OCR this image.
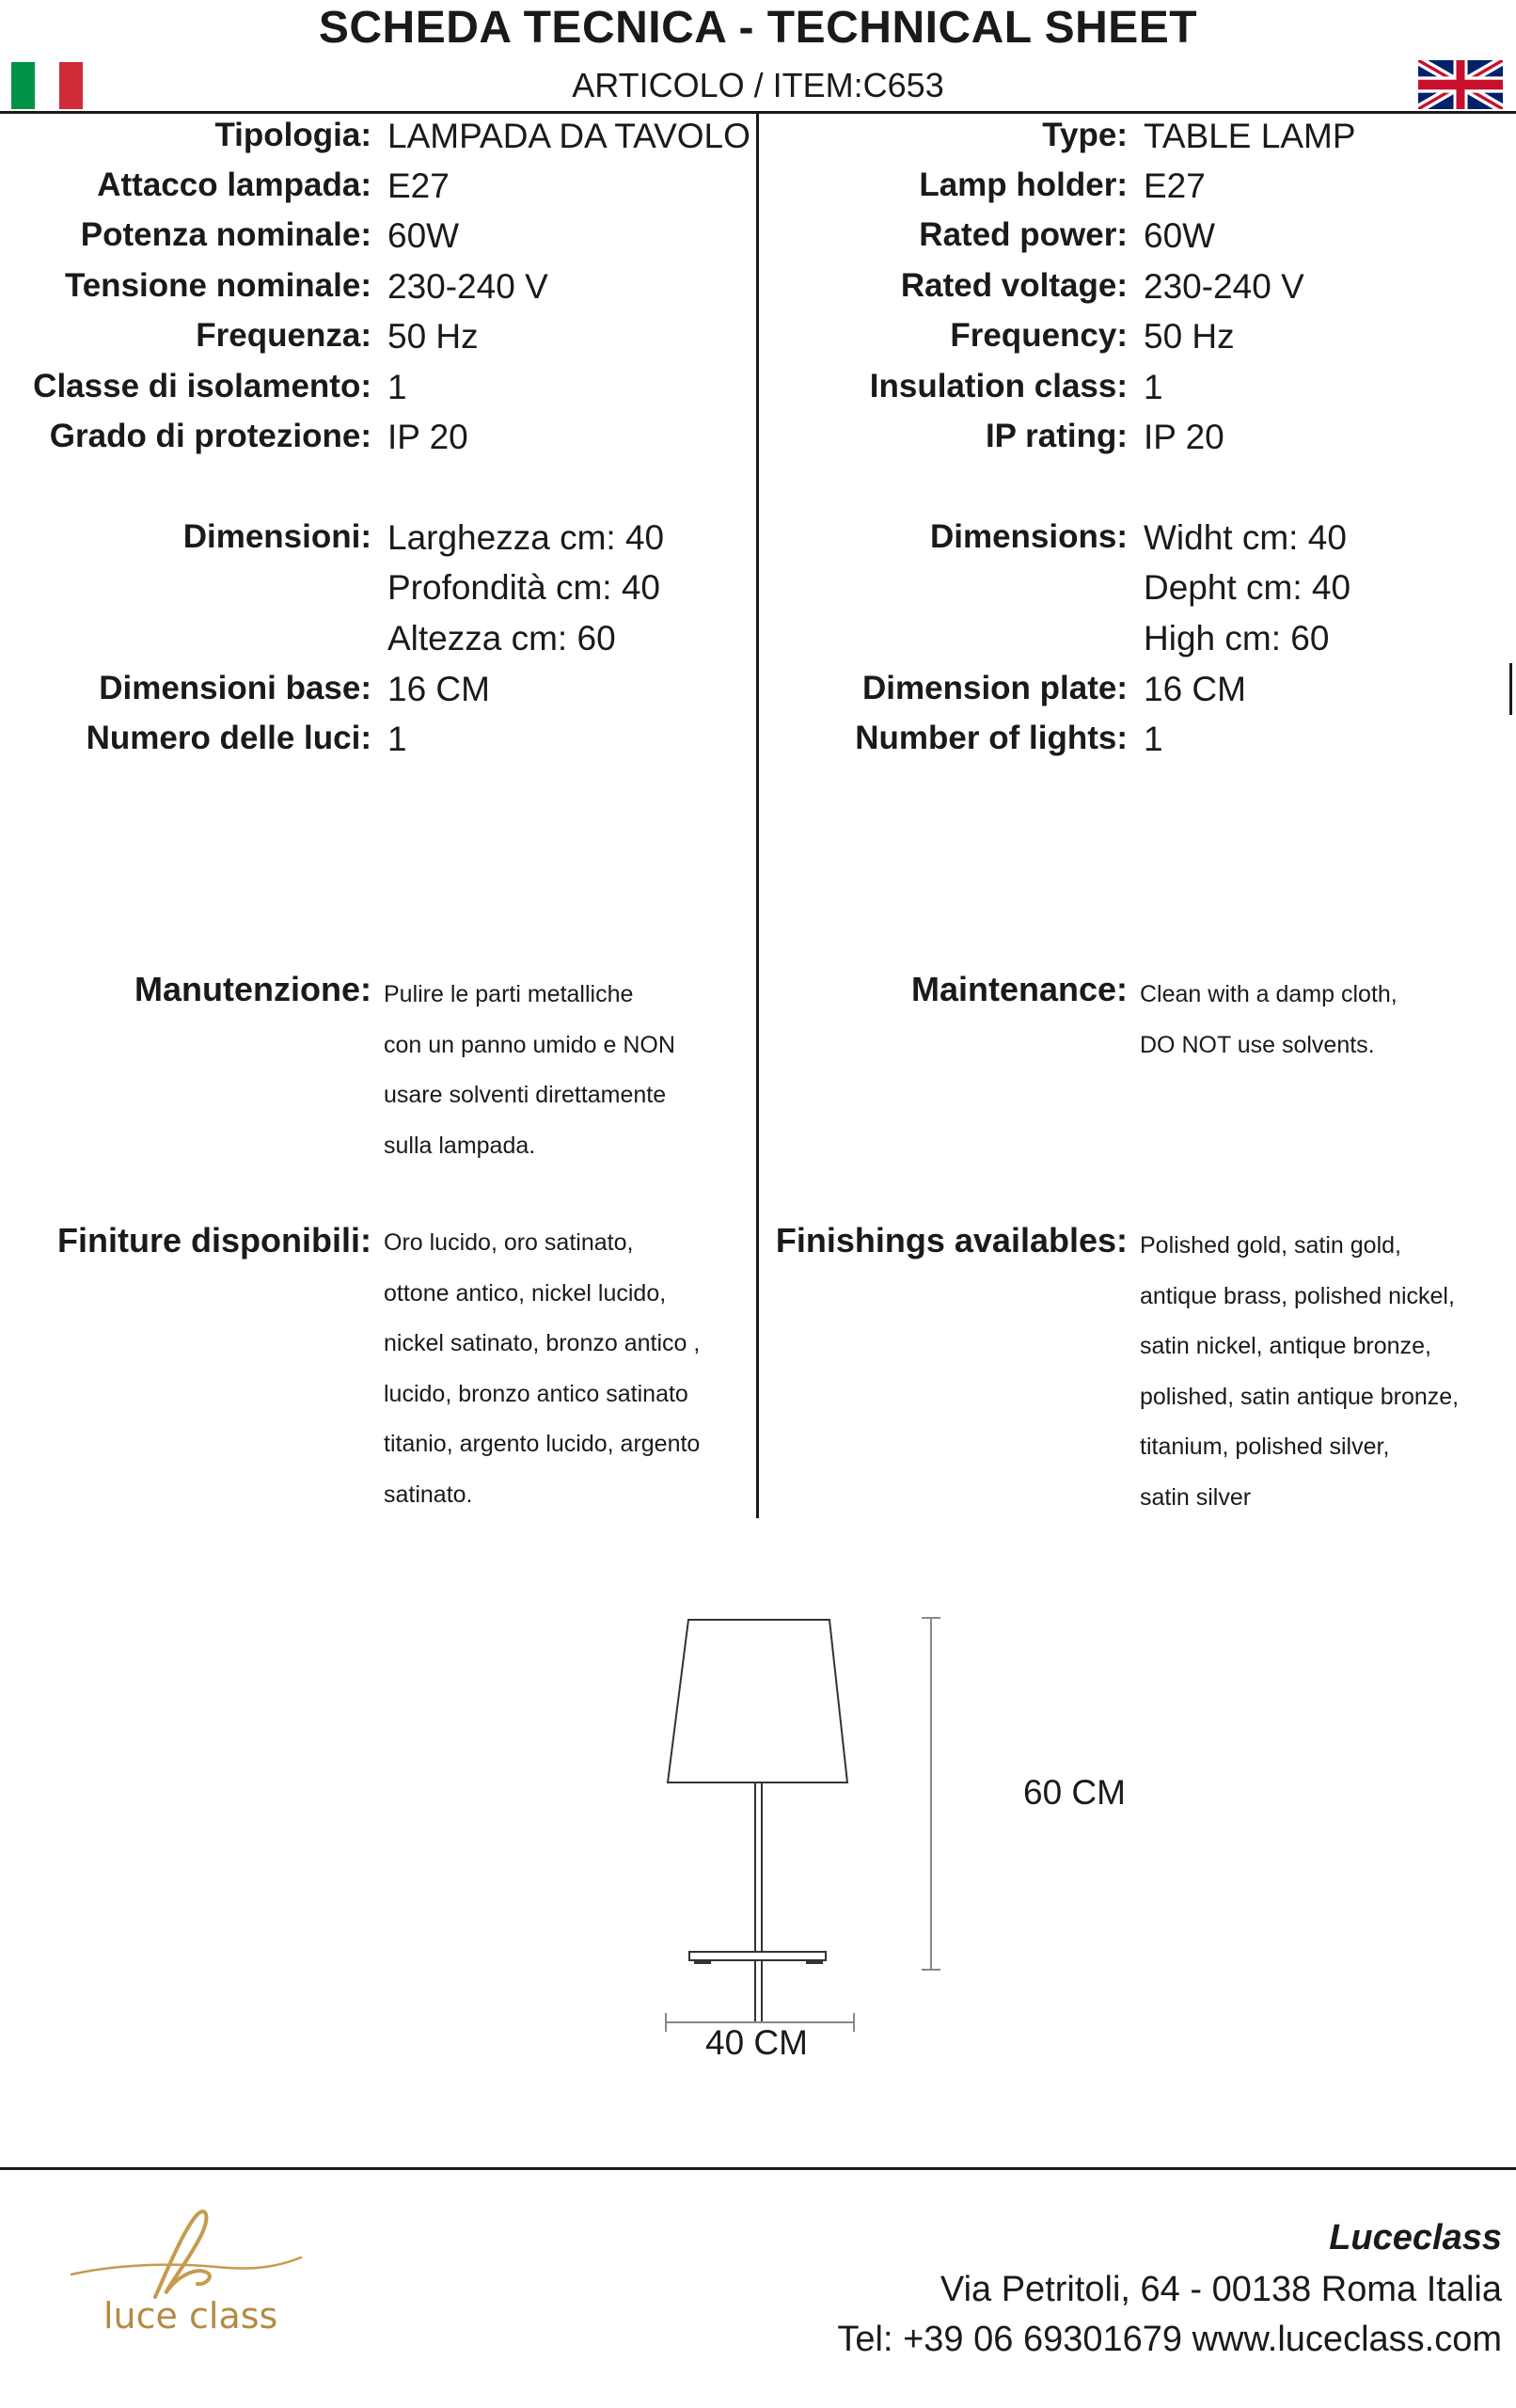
SCHEDA TECNICA - TECHNICAL SHEET
ARTICOLO / ITEM:C653
Tipologia: LAMPADA DA TAVOLO
Attacco lampada: E27
Potenza nominale: 60W
Tensione nominale: 230-240 V
Frequenza: 50 Hz
Classe di isolamento: 1
Grado di protezione: IP 20
Type: TABLE LAMP
Lamp holder: E27
Rated power: 60W
Rated voltage: 230-240 V
Frequency: 50 Hz
Insulation class: 1
IP rating: IP 20
Dimensioni: Larghezza cm: 40
Profondità cm: 40
Altezza cm: 60
Dimensioni base: 16 CM
Numero delle luci: 1
Dimensions: Widht cm: 40
Depht cm: 40
High cm: 60
Dimension plate: 16 CM
Number of lights: 1
Manutenzione: Pulire le parti metalliche
con un panno umido e NON
usare solventi direttamente
sulla lampada.
Maintenance: Clean with a damp cloth,
DO NOT use solvents.
Finiture disponibili: Oro lucido, oro satinato,
ottone antico, nickel lucido,
nickel satinato, bronzo antico ,
lucido, bronzo antico satinato
titanio, argento lucido, argento
satinato.
Finishings availables: Polished gold, satin gold,
antique brass, polished nickel,
satin nickel, antique bronze,
polished, satin antique bronze,
titanium, polished silver,
satin silver
60 CM
40 CM
luce class
Luceclass
Via Petritoli, 64 - 00138 Roma Italia
Tel: +39 06 69301679 www.luceclass.com
